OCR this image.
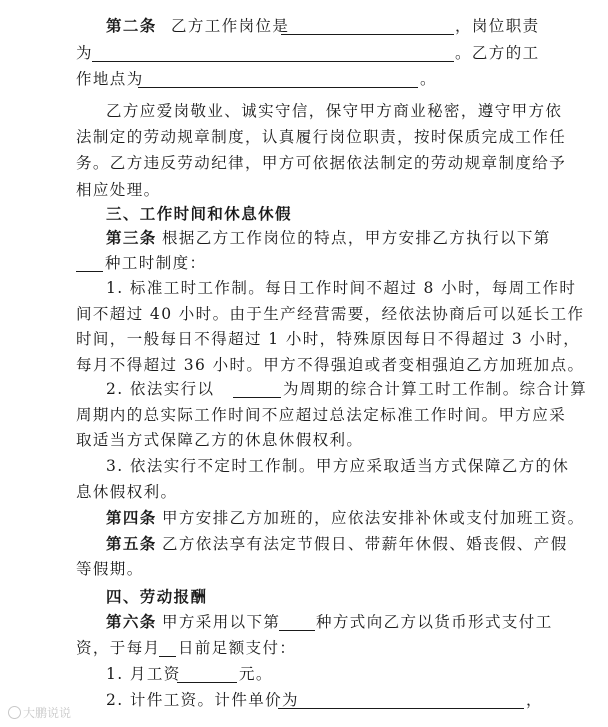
第二条 乙方工作岗位是	，岗位职责
为	。乙方的工
作地点为	。
乙方应爱岗敬业、诚实守信，保守甲方商业秘密，遵守甲方依
法制定的劳动规章制度，认真履行岗位职责，按时保质完成工作任
务。乙方违反劳动纪律，甲方可依据依法制定的劳动规章制度给予
相应处理。
三、工作时间和休息休假
第三条 根据乙方工作岗位的特点，甲方安排乙方执行以下第
种工时制度：
1. 标准工时工作制。每日工作时间不超过 8 小时，每周工作时
间不超过 40 小时。由于生产经营需要，经依法协商后可以延长工作
时间，一般每日不得超过 1 小时，特殊原因每日不得超过 3 小时，
每月不得超过 36 小时。甲方不得强迫或者变相强迫乙方加班加点。
2. 依法实行以	为周期的综合计算工时工作制。综合计算
周期内的总实际工作时间不应超过总法定标准工作时间。甲方应采
取适当方式保障乙方的休息休假权利。
3. 依法实行不定时工作制。甲方应采取适当方式保障乙方的休
息休假权利。
第四条 甲方安排乙方加班的，应依法安排补休或支付加班工资。
第五条 乙方依法享有法定节假日、带薪年休假、婚丧假、产假
等假期。
四、劳动报酬
第六条 甲方采用以下第 种方式向乙方以货币形式支付工
资，于每月 日前足额支付：
1. 月工资	元。
2. 计件工资。计件单价为	，
大鹏说说
